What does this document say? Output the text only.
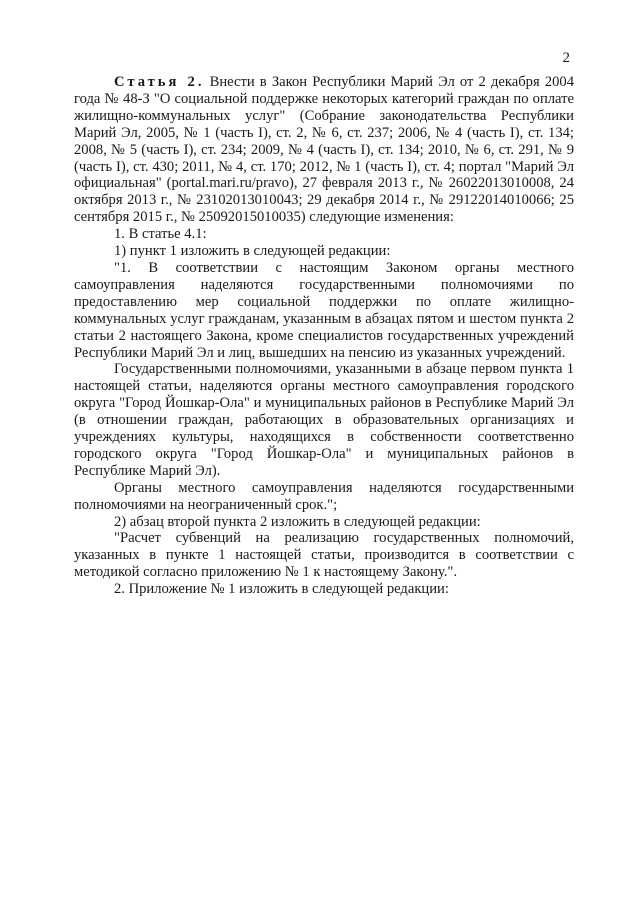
2

Статья 2. Внести в Закон Республики Марий Эл от 2 декабря 2004 года № 48-З "О социальной поддержке некоторых категорий граждан по оплате жилищно-коммунальных услуг" (Собрание законодательства Республики Марий Эл, 2005, № 1 (часть I), ст. 2, № 6, ст. 237; 2006, № 4 (часть I), ст. 134; 2008, № 5 (часть I), ст. 234; 2009, № 4 (часть I), ст. 134; 2010, № 6, ст. 291, № 9 (часть I), ст. 430; 2011, № 4, ст. 170; 2012, № 1 (часть I), ст. 4; портал "Марий Эл официальная" (portal.mari.ru/pravo), 27 февраля 2013 г., № 26022013010008, 24 октября 2013 г., № 23102013010043; 29 декабря 2014 г., № 29122014010066; 25 сентября 2015 г., № 25092015010035) следующие изменения:

1. В статье 4.1:

1) пункт 1 изложить в следующей редакции:

"1. В соответствии с настоящим Законом органы местного самоуправления наделяются государственными полномочиями по предоставлению мер социальной поддержки по оплате жилищно-коммунальных услуг гражданам, указанным в абзацах пятом и шестом пункта 2 статьи 2 настоящего Закона, кроме специалистов государственных учреждений Республики Марий Эл и лиц, вышедших на пенсию из указанных учреждений.

Государственными полномочиями, указанными в абзаце первом пункта 1 настоящей статьи, наделяются органы местного самоуправления городского округа "Город Йошкар-Ола" и муниципальных районов в Республике Марий Эл (в отношении граждан, работающих в образовательных организациях и учреждениях культуры, находящихся в собственности соответственно городского округа "Город Йошкар-Ола" и муниципальных районов в Республике Марий Эл).

Органы местного самоуправления наделяются государственными полномочиями на неограниченный срок.";

2) абзац второй пункта 2 изложить в следующей редакции:

"Расчет субвенций на реализацию государственных полномочий, указанных в пункте 1 настоящей статьи, производится в соответствии с методикой согласно приложению № 1 к настоящему Закону.".

2. Приложение № 1 изложить в следующей редакции:
